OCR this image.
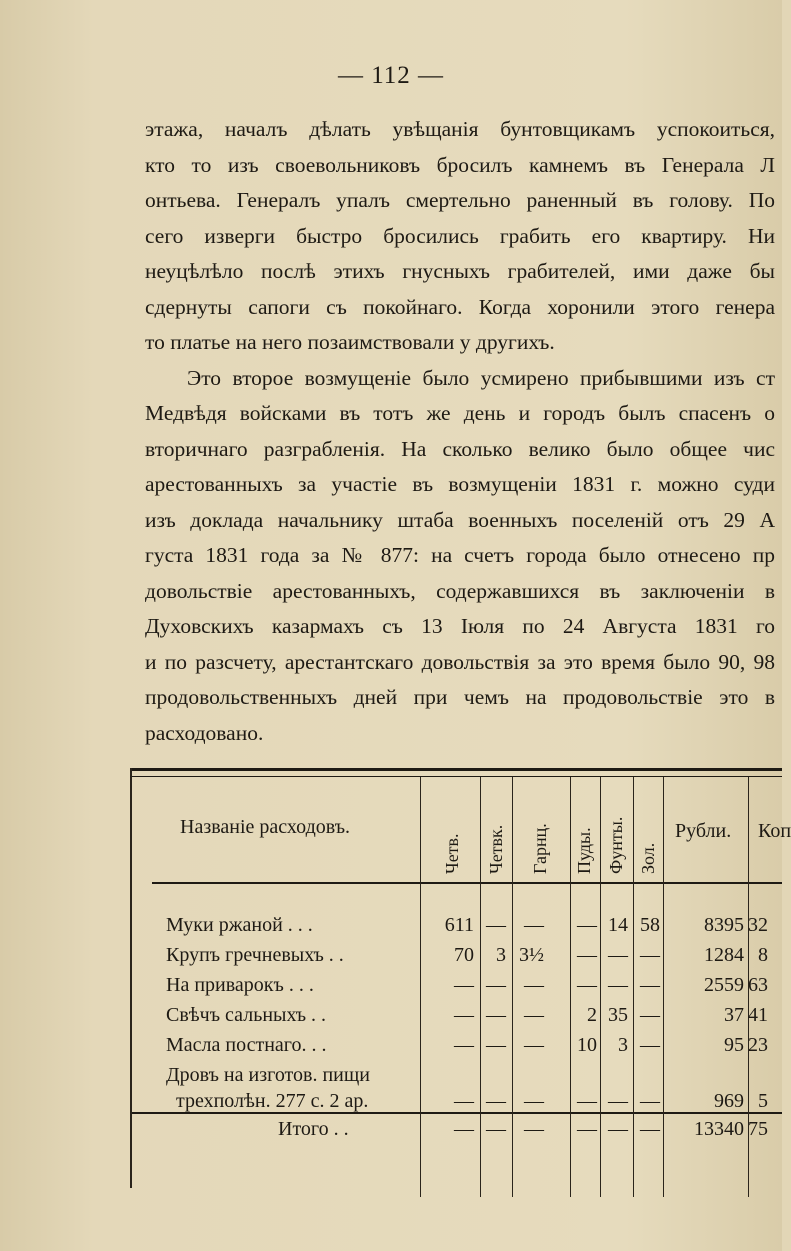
— 112 —
этажа, началъ дѣлать увѣщанія бунтовщикамъ успокоиться,
кто то изъ своевольниковъ бросилъ камнемъ въ Генерала Л
онтьева. Генералъ упалъ смертельно раненный въ голову. По
сего изверги быстро бросились грабить его квартиру. Ни
неуцѣлѣло послѣ этихъ гнусныхъ грабителей, ими даже бы
сдернуты сапоги съ покойнаго. Когда хоронили этого генера
то платье на него позаимствовали у другихъ.
Это второе возмущеніе было усмирено прибывшими изъ ст
Медвѣдя войсками въ тотъ же день и городъ былъ спасенъ о
вторичнаго разграбленія. На сколько велико было общее чис
арестованныхъ за участіе въ возмущеніи 1831 г. можно суди
изъ доклада начальнику штаба военныхъ поселеній отъ 29 А
густа 1831 года за № 877: на счетъ города было отнесено пр
довольствіе арестованныхъ, содержавшихся въ заключеніи в
Духовскихъ казармахъ съ 13 Іюля по 24 Августа 1831 го
и по разсчету, арестантскаго довольствія за это время было 90, 98
продовольственныхъ дней при чемъ на продовольствіе это в
расходовано.
Названіе расходовъ.
Четв. Четвк. Гарнц. Пуды. Фунты. Зол.
Рубли. Коп
Муки ржаной . . .	611 — — — 14 58 8395 32
Крупъ гречневыхъ . .	70 3 3½ — — — 1284 8
На приварокъ . . .	— — — — — — 2559 63
Свѣчъ сальныхъ . .	— — — 2 35 —	37 41
Масла постнаго. . .	— — — 10 3 —	95 23
Дровъ на изготов. пищи
трехполѣн. 277 с. 2 ар.	— — — — — —	969 5
Итого . .	— — — — — — 13340 75
